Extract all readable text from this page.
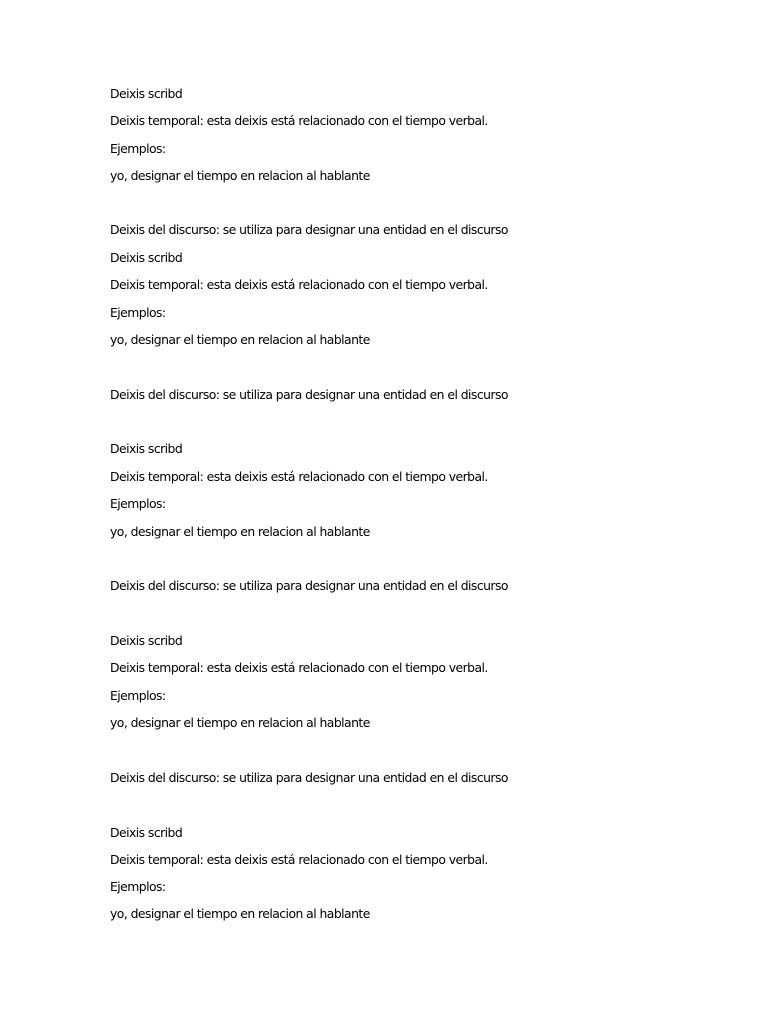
Deixis scribd

Deixis temporal: esta deixis está relacionado con el tiempo verbal.

Ejemplos:

yo, designar el tiempo en relacion al hablante

Deixis del discurso: se utiliza para designar una entidad en el discurso

Deixis scribd

Deixis temporal: esta deixis está relacionado con el tiempo verbal.

Ejemplos:

yo, designar el tiempo en relacion al hablante

Deixis del discurso: se utiliza para designar una entidad en el discurso

Deixis scribd

Deixis temporal: esta deixis está relacionado con el tiempo verbal.

Ejemplos:

yo, designar el tiempo en relacion al hablante

Deixis del discurso: se utiliza para designar una entidad en el discurso

Deixis scribd

Deixis temporal: esta deixis está relacionado con el tiempo verbal.

Ejemplos:

yo, designar el tiempo en relacion al hablante

Deixis del discurso: se utiliza para designar una entidad en el discurso

Deixis scribd

Deixis temporal: esta deixis está relacionado con el tiempo verbal.

Ejemplos:

yo, designar el tiempo en relacion al hablante
